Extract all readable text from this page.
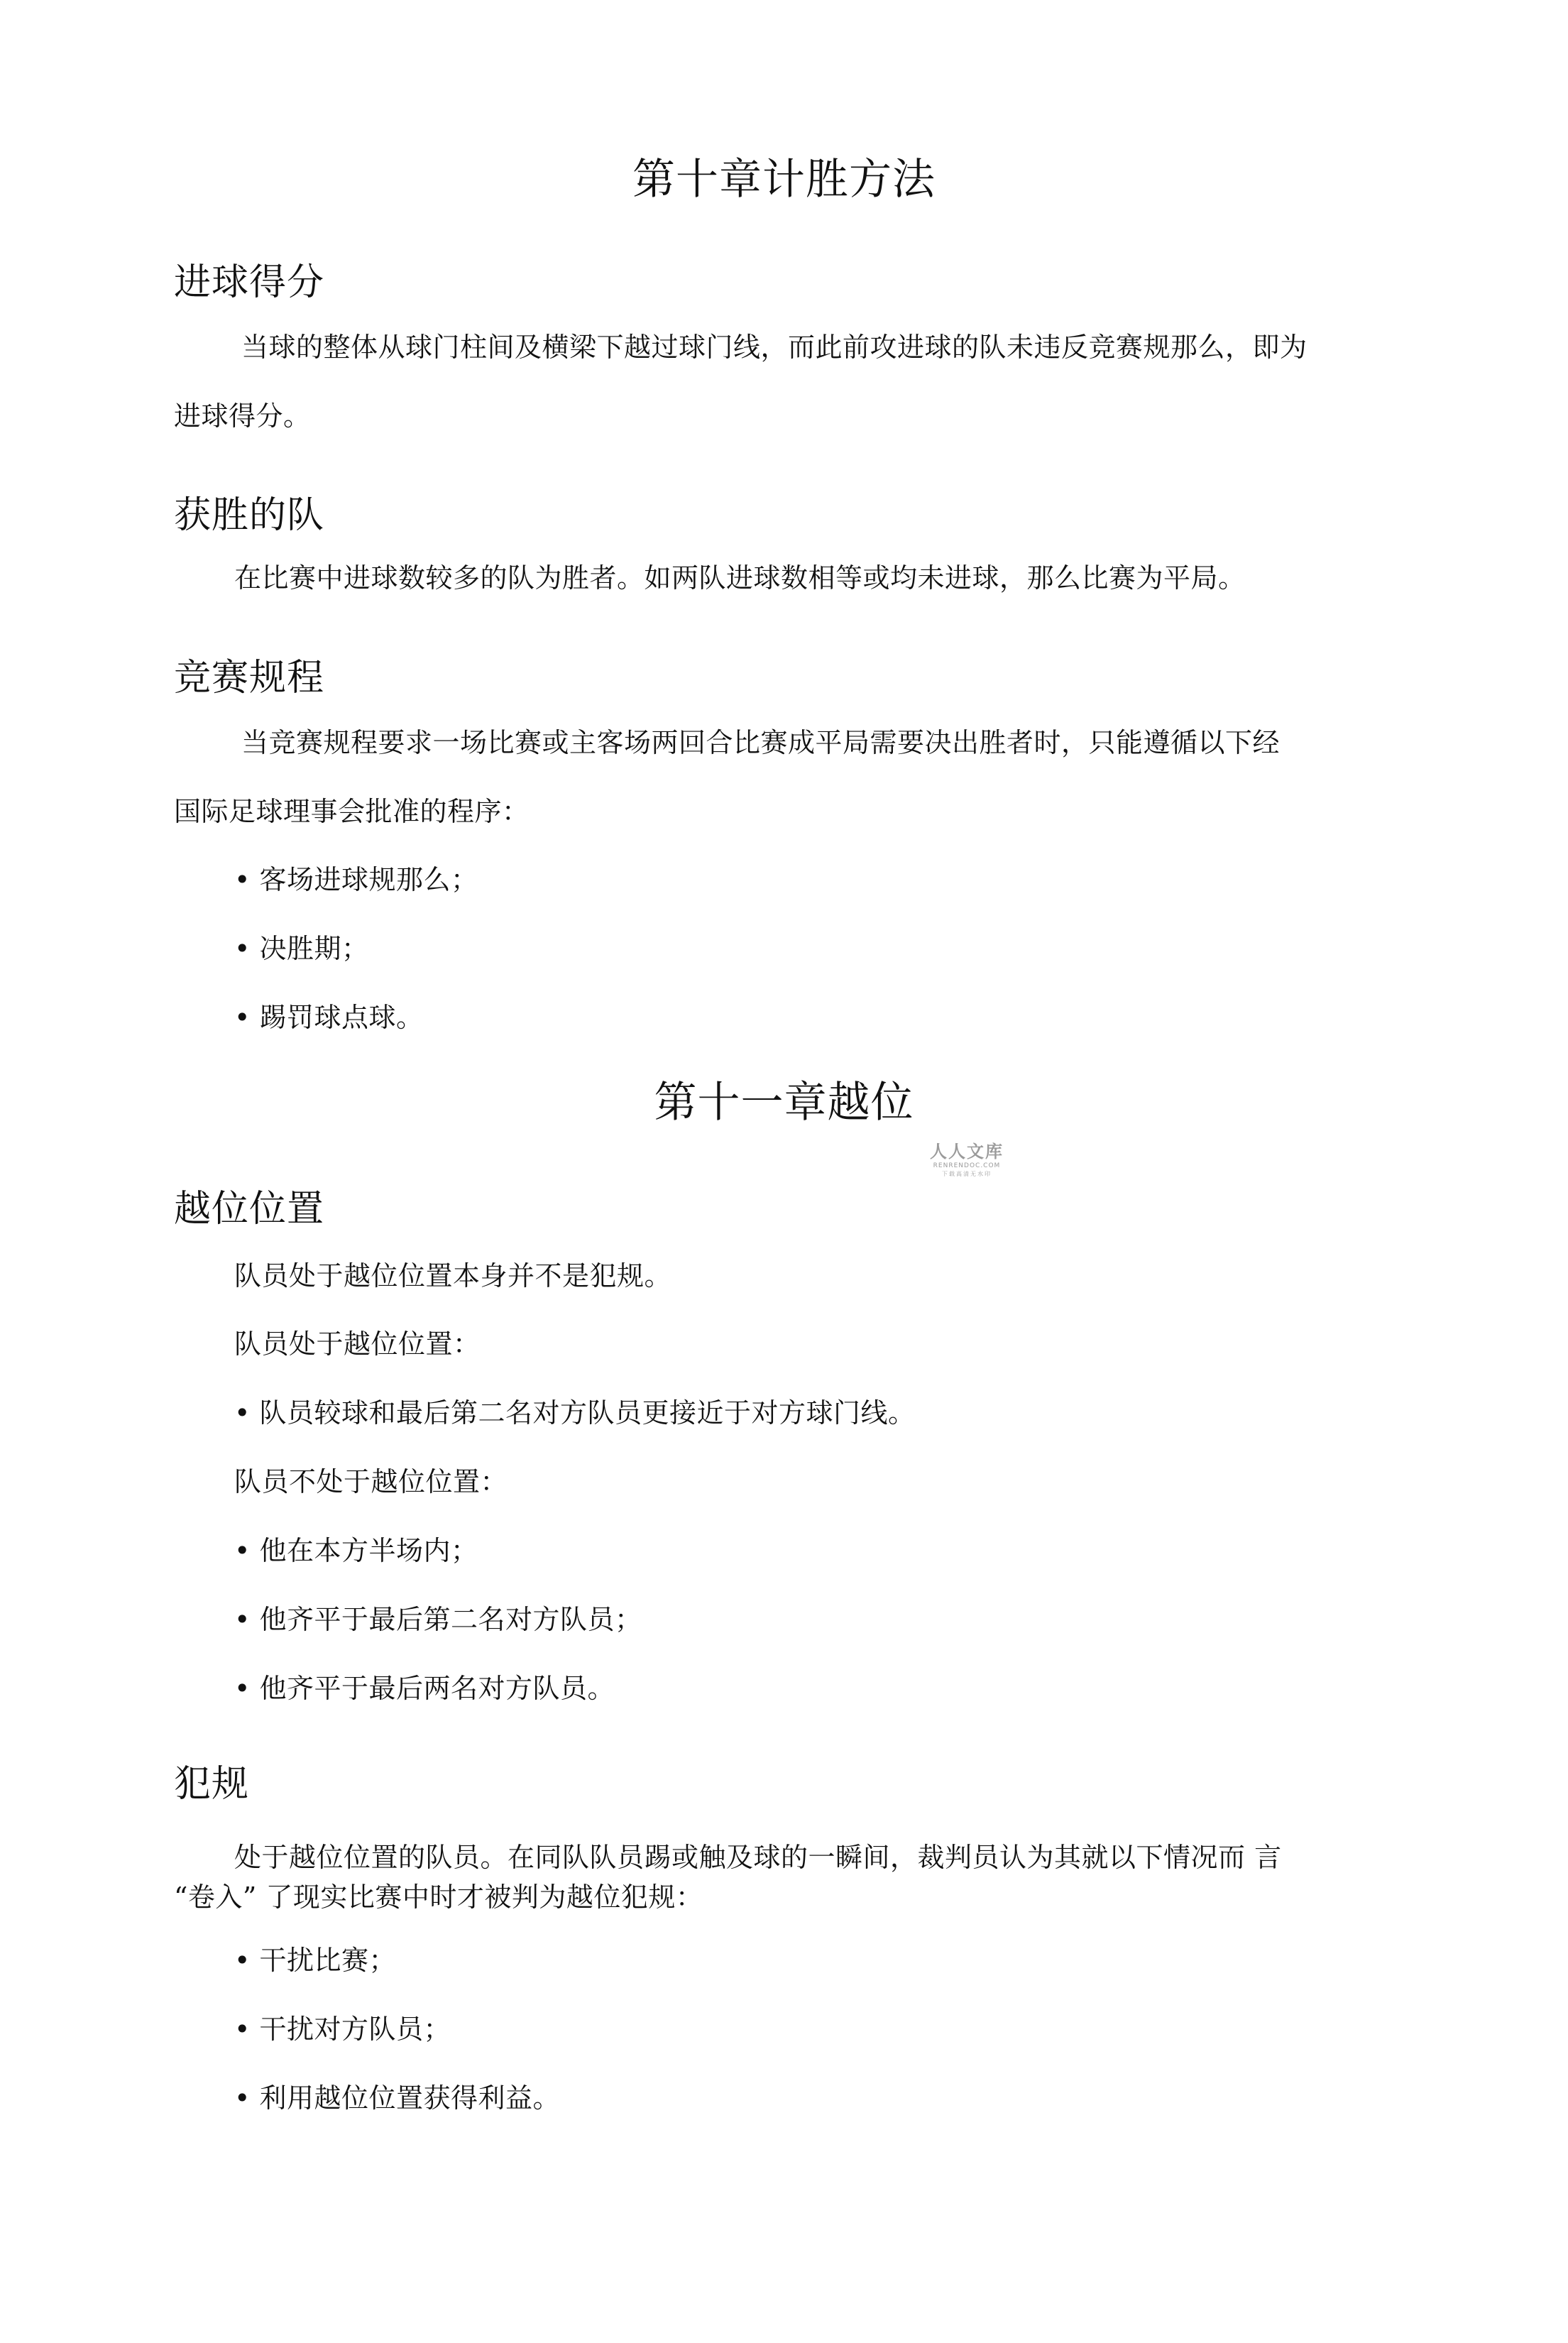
第十章计胜方法
进球得分

当球的整体从球门柱间及横梁下越过球门线，而此前攻进球的队未违反竞赛规那么，即为

进球得分。

获胜的队

在比赛中进球数较多的队为胜者。如两队进球数相等或均未进球，那么比赛为平局。

竞赛规程

当竞赛规程要求一场比赛或主客场两回合比赛成平局需要决出胜者时，只能遵循以下经

国际足球理事会批准的程序：

• 客场进球规那么；

• 决胜期；

• 踢罚球点球。

第十一章越位
人人文库
RENRENDOC.COM
下载高清无水印
越位位置

队员处于越位位置本身并不是犯规。

队员处于越位位置：

• 队员较球和最后第二名对方队员更接近于对方球门线。

队员不处于越位位置：

• 他在本方半场内；

• 他齐平于最后第二名对方队员；

• 他齐平于最后两名对方队员。

犯规

处于越位位置的队员。在同队队员踢或触及球的一瞬间，裁判员认为其就以下情况而 言

“卷入” 了现实比赛中时才被判为越位犯规：

• 干扰比赛；

• 干扰对方队员；

• 利用越位位置获得利益。
